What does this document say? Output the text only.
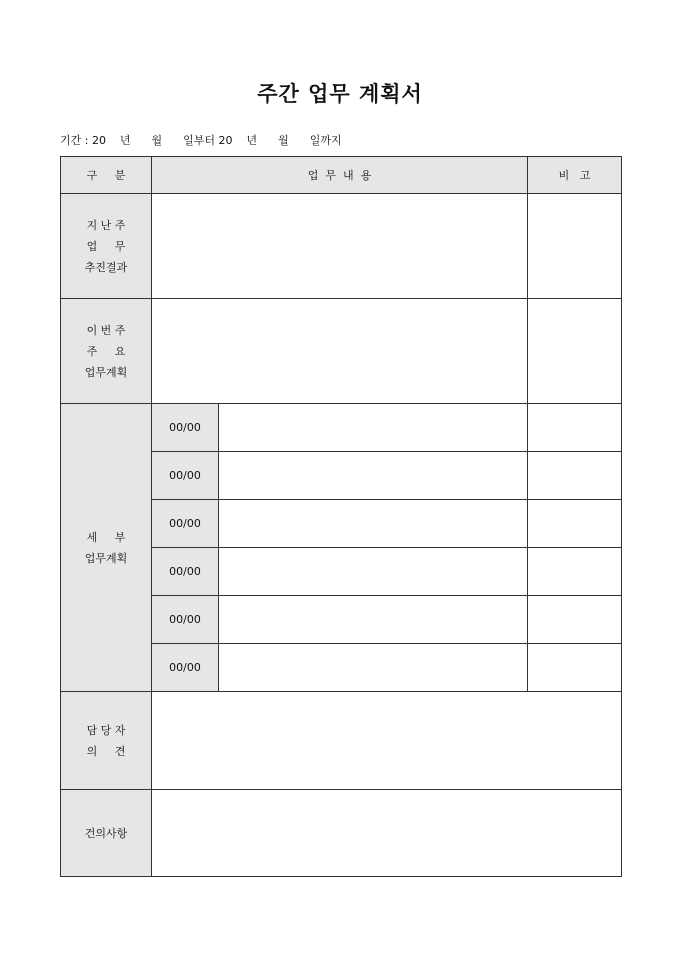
주간 업무 계획서
기간 : 20    년      월      일부터 20    년      월      일까지
구     분	업  무  내  용		비   고

지 난 주
업     무
추진결과			

이 번 주
주     요
업무계획			

세     부
업무계획	00/00		
	00/00		
	00/00		
	00/00		
	00/00		
	00/00		

담 당 자
의     견			

건의사항			
